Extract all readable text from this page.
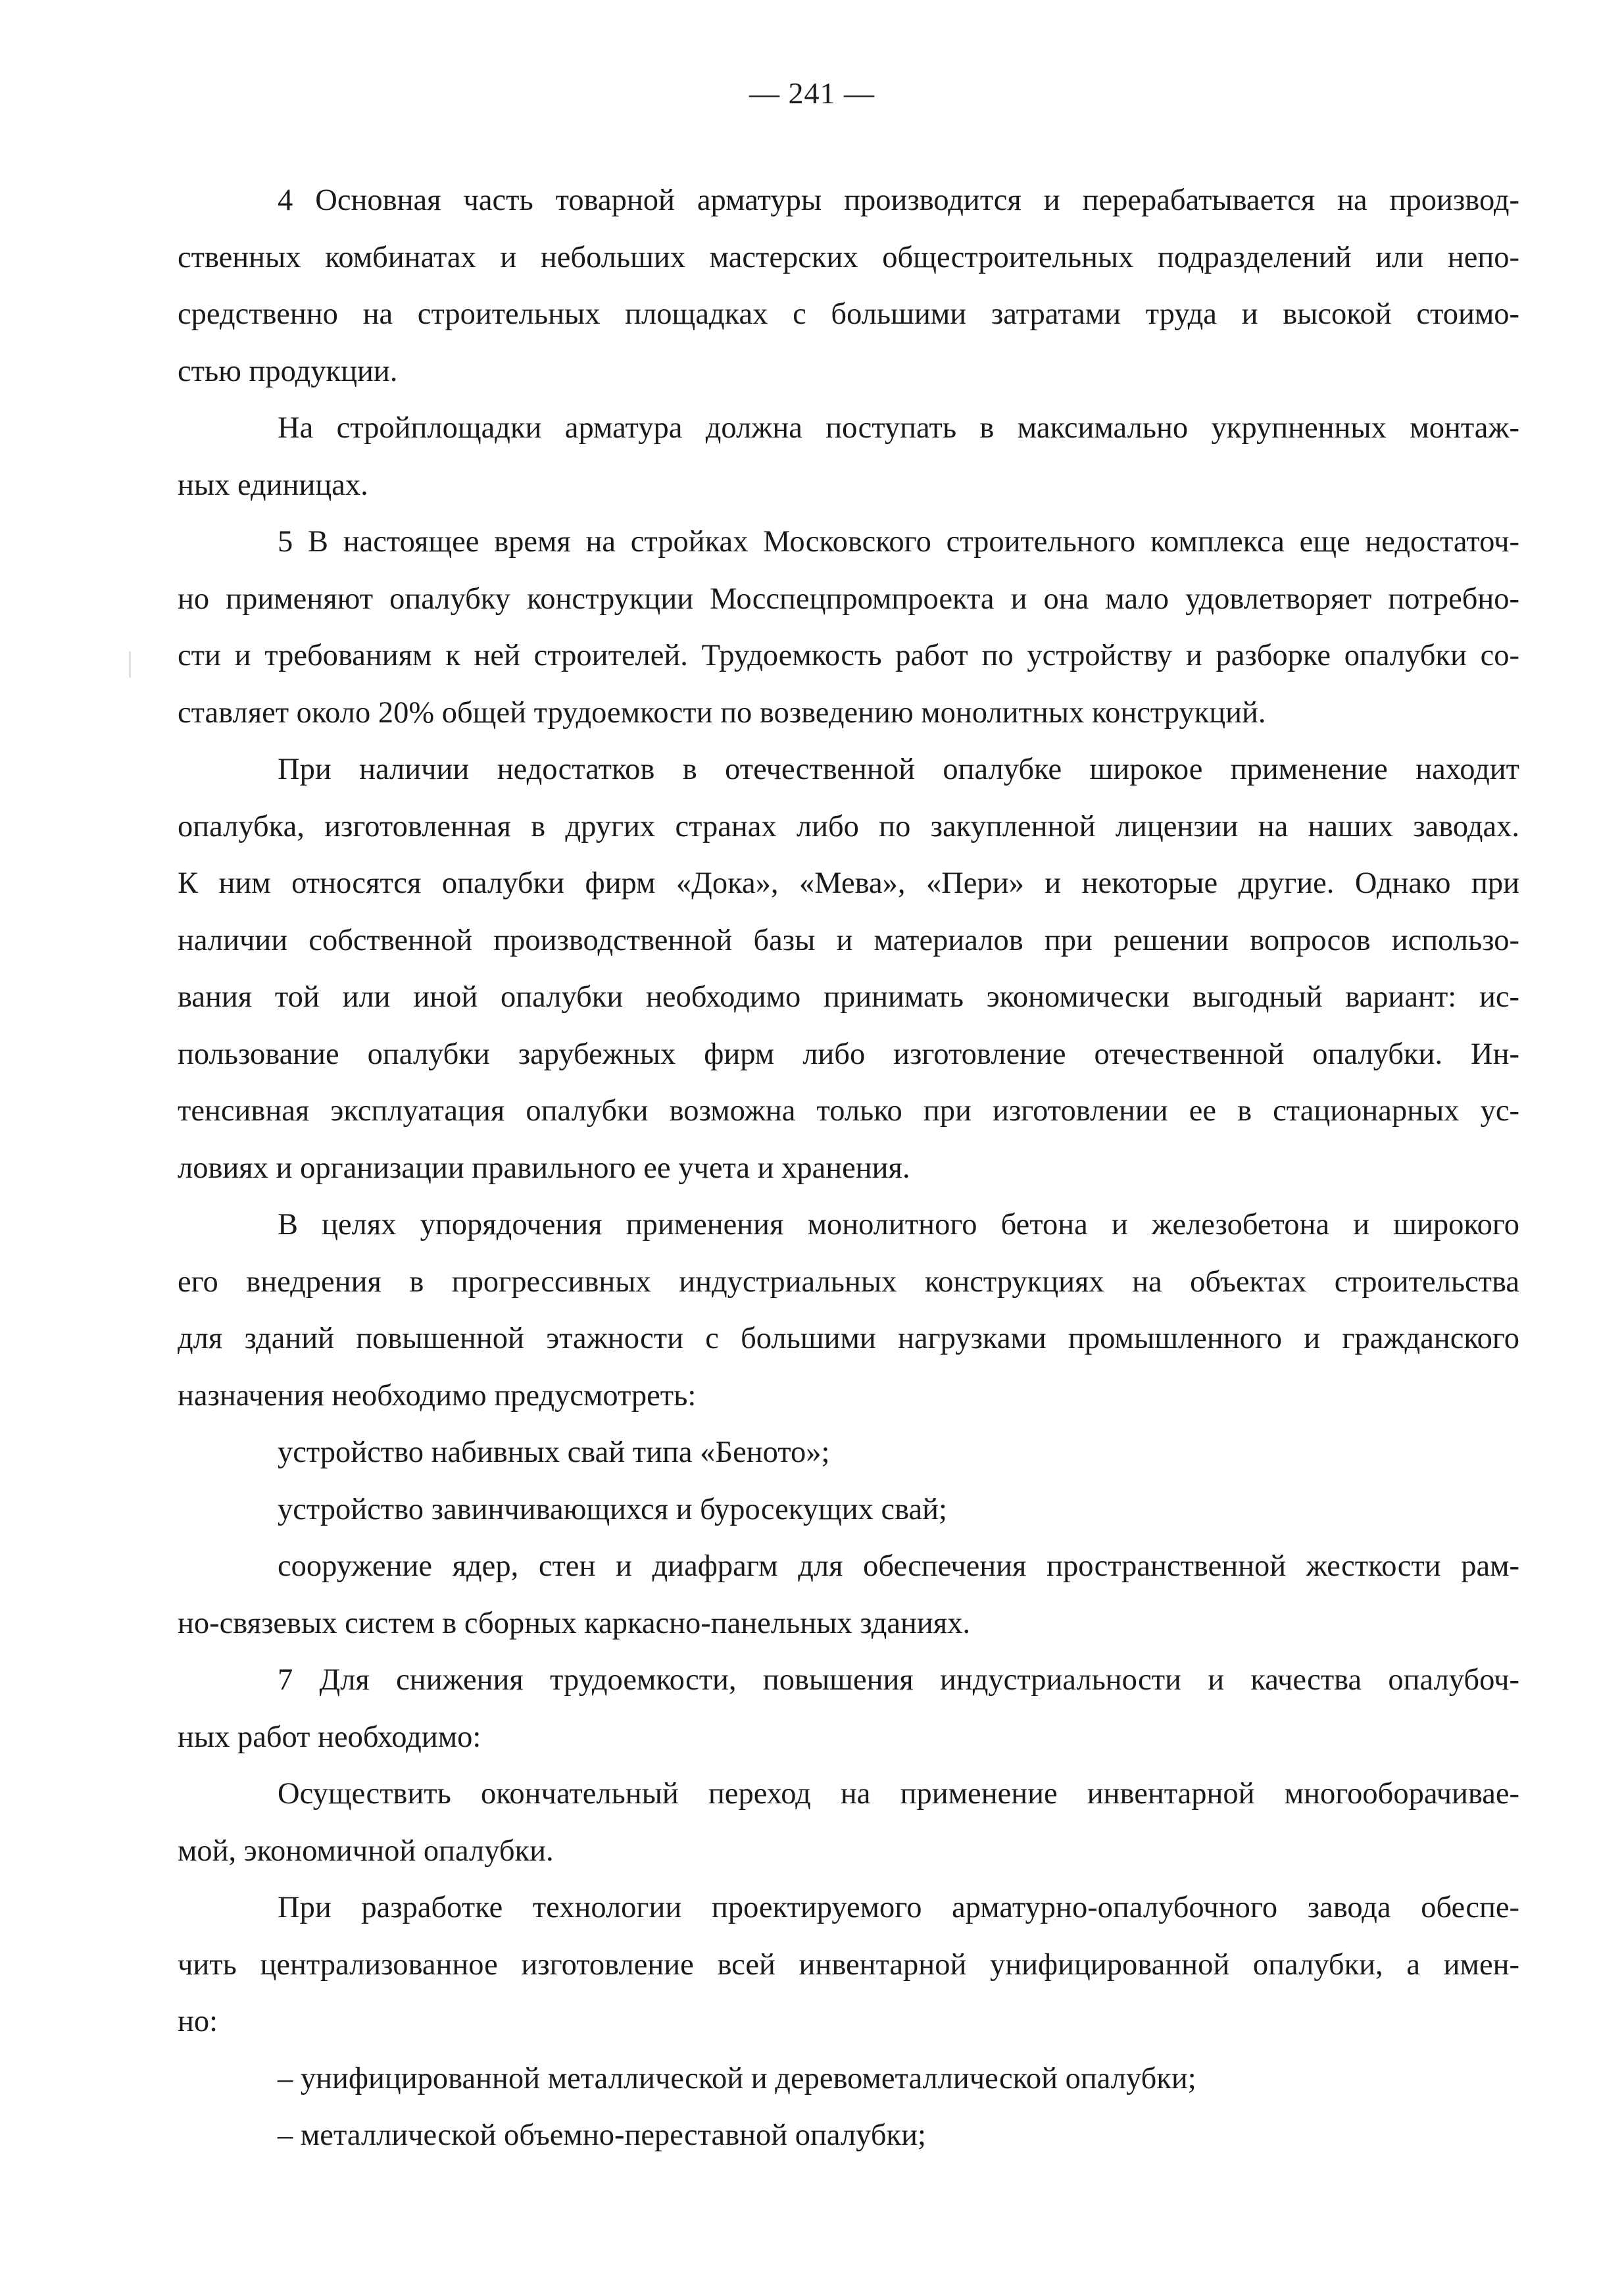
— 241 —

4 Основная часть товарной арматуры производится и перерабатывается на производ-
ственных комбинатах и небольших мастерских общестроительных подразделений или непо-
средственно на строительных площадках с большими затратами труда и высокой стоимо-
стью продукции.

На стройплощадки арматура должна поступать в максимально укрупненных монтаж-
ных единицах.

5 В настоящее время на стройках Московского строительного комплекса еще недостаточ-
но применяют опалубку конструкции Мосспецпромпроекта и она мало удовлетворяет потребно-
сти и требованиям к ней строителей. Трудоемкость работ по устройству и разборке опалубки со-
ставляет около 20% общей трудоемкости по возведению монолитных конструкций.

При наличии недостатков в отечественной опалубке широкое применение находит
опалубка, изготовленная в других странах либо по закупленной лицензии на наших заводах.
К ним относятся опалубки фирм «Дока», «Мева», «Пери» и некоторые другие. Однако при
наличии собственной производственной базы и материалов при решении вопросов использо-
вания той или иной опалубки необходимо принимать экономически выгодный вариант: ис-
пользование опалубки зарубежных фирм либо изготовление отечественной опалубки. Ин-
тенсивная эксплуатация опалубки возможна только при изготовлении ее в стационарных ус-
ловиях и организации правильного ее учета и хранения.

В целях упорядочения применения монолитного бетона и железобетона и широкого
его внедрения в прогрессивных индустриальных конструкциях на объектах строительства
для зданий повышенной этажности с большими нагрузками промышленного и гражданского
назначения необходимо предусмотреть:

устройство набивных свай типа «Беното»;

устройство завинчивающихся и буросекущих свай;

сооружение ядер, стен и диафрагм для обеспечения пространственной жесткости рам-
но-связевых систем в сборных каркасно-панельных зданиях.

7 Для снижения трудоемкости, повышения индустриальности и качества опалубоч-
ных работ необходимо:

Осуществить окончательный переход на применение инвентарной многооборачивае-
мой, экономичной опалубки.

При разработке технологии проектируемого арматурно-опалубочного завода обеспе-
чить централизованное изготовление всей инвентарной унифицированной опалубки, а имен-
но:

– унифицированной металлической и деревометаллической опалубки;

– металлической объемно-переставной опалубки;
